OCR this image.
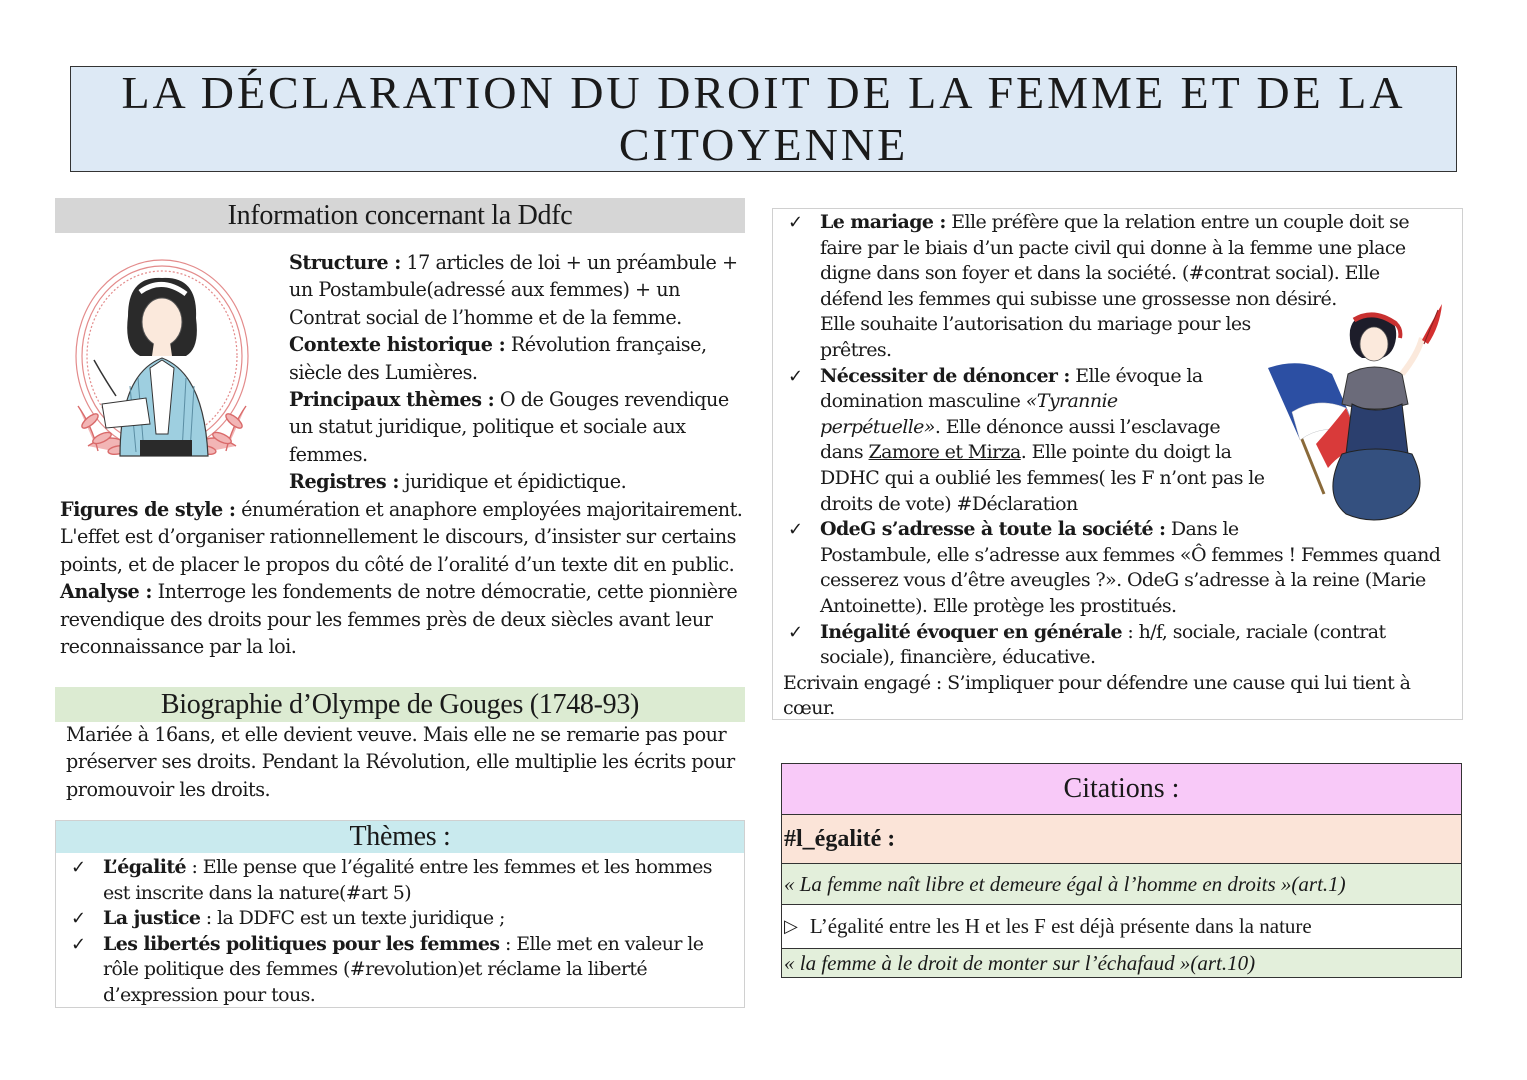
LA DÉCLARATION DU DROIT DE LA FEMME ET DE LA
CITOYENNE
Information concernant la Ddfc

Structure : 17 articles de loi + un préambule +

un Postambule(adressé aux femmes) + un

Contrat social de l’homme et de la femme.

Contexte historique : Révolution française,

siècle des Lumières.

Principaux thèmes : O de Gouges revendique

un statut juridique, politique et sociale aux

femmes.

Registres : juridique et épidictique.

Figures de style : énumération et anaphore employées majoritairement.

L'effet est d’organiser rationnellement le discours, d’insister sur certains

points, et de placer le propos du côté de l’oralité d’un texte dit en public.

Analyse : Interroge les fondements de notre démocratie, cette pionnière

revendique des droits pour les femmes près de deux siècles avant leur

reconnaissance par la loi.

Biographie d’Olympe de Gouges (1748-93)

Mariée à 16ans, et elle devient veuve. Mais elle ne se remarie pas pour

préserver ses droits. Pendant la Révolution, elle multiplie les écrits pour

promouvoir les droits.

Thèmes :
✓ L’égalité : Elle pense que l’égalité entre les femmes et les hommes

est inscrite dans la nature(#art 5)

✓ La justice : la DDFC est un texte juridique ;

✓ Les libertés politiques pour les femmes : Elle met en valeur le

rôle politique des femmes (#revolution)et réclame la liberté

d’expression pour tous.

✓ Le mariage : Elle préfère que la relation entre un couple doit se

faire par le biais d’un pacte civil qui donne à la femme une place

digne dans son foyer et dans la société. (#contrat social). Elle

défend les femmes qui subisse une grossesse non désiré.

Elle souhaite l’autorisation du mariage pour les

prêtres.

✓ Nécessiter de dénoncer : Elle évoque la

domination masculine «Tyrannie

perpétuelle». Elle dénonce aussi l’esclavage

dans Zamore et Mirza. Elle pointe du doigt la

DDHC qui a oublié les femmes( les F n’ont pas le

droits de vote) #Déclaration

✓ OdeG s’adresse à toute la société : Dans le

Postambule, elle s’adresse aux femmes «Ô femmes ! Femmes quand

cesserez vous d’être aveugles ?». OdeG s’adresse à la reine (Marie

Antoinette). Elle protège les prostitués.

✓ Inégalité évoquer en générale : h/f, sociale, raciale (contrat

sociale), financière, éducative.

Ecrivain engagé : S’impliquer pour défendre une cause qui lui tient à

cœur.

Citations :
#l_égalité :
« La femme naît libre et demeure égal à l’homme en droits »(art.1)
▷ L’égalité entre les H et les F est déjà présente dans la nature
« la femme à le droit de monter sur l’échafaud »(art.10)
